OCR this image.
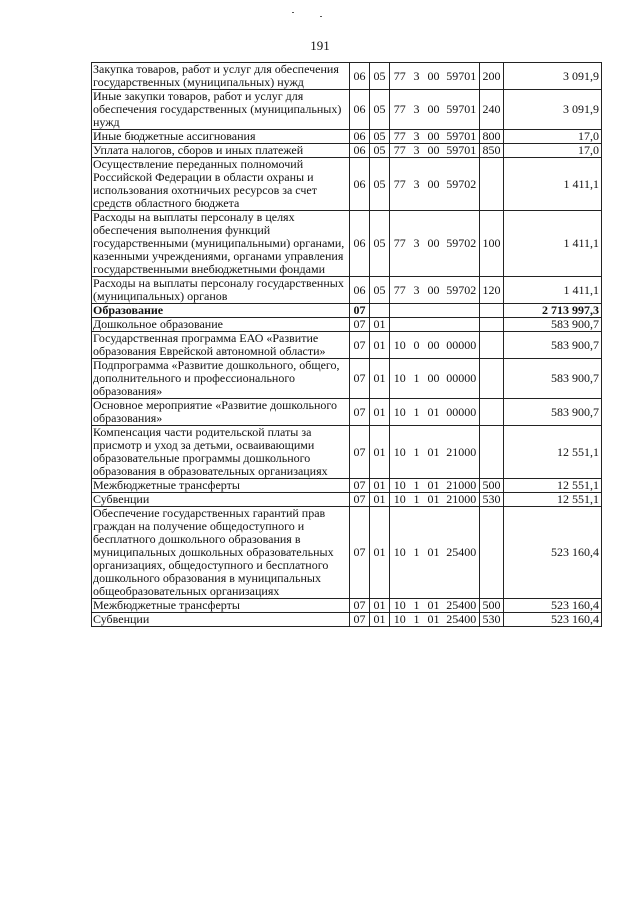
191
Закупка товаров, работ и услуг для обеспечения государственных (муниципальных) нужд	06	05	77	3	00	59701	200	3 091,9
Иные закупки товаров, работ и услуг для обеспечения государственных (муниципальных) нужд	06	05	77	3	00	59701	240	3 091,9
Иные бюджетные ассигнования	06	05	77	3	00	59701	800	17,0
Уплата налогов, сборов и иных платежей	06	05	77	3	00	59701	850	17,0
Осуществление переданных полномочий Российской Федерации в области охраны и использования охотничьих ресурсов за счет средств областного бюджета	06	05	77	3	00	59702		1 411,1
Расходы на выплаты персоналу в целях обеспечения выполнения функций государственными (муниципальными) органами, казенными учреждениями, органами управления государственными внебюджетными фондами	06	05	77	3	00	59702	100	1 411,1
Расходы на выплаты персоналу государственных (муниципальных) органов	06	05	77	3	00	59702	120	1 411,1
Образование	07							2 713 997,3
Дошкольное образование	07	01						583 900,7
Государственная программа ЕАО «Развитие образования Еврейской автономной области»	07	01	10	0	00	00000		583 900,7
Подпрограмма «Развитие дошкольного, общего, дополнительного и профессионального образования»	07	01	10	1	00	00000		583 900,7
Основное мероприятие «Развитие дошкольного образования»	07	01	10	1	01	00000		583 900,7
Компенсация части родительской платы за присмотр и уход за детьми, осваивающими образовательные программы дошкольного образования в образовательных организациях	07	01	10	1	01	21000		12 551,1
Межбюджетные трансферты	07	01	10	1	01	21000	500	12 551,1
Субвенции	07	01	10	1	01	21000	530	12 551,1
Обеспечение государственных гарантий прав граждан на получение общедоступного и бесплатного дошкольного образования в муниципальных дошкольных образовательных организациях, общедоступного и бесплатного дошкольного образования в муниципальных общеобразовательных организациях	07	01	10	1	01	25400		523 160,4
Межбюджетные трансферты	07	01	10	1	01	25400	500	523 160,4
Субвенции	07	01	10	1	01	25400	530	523 160,4
